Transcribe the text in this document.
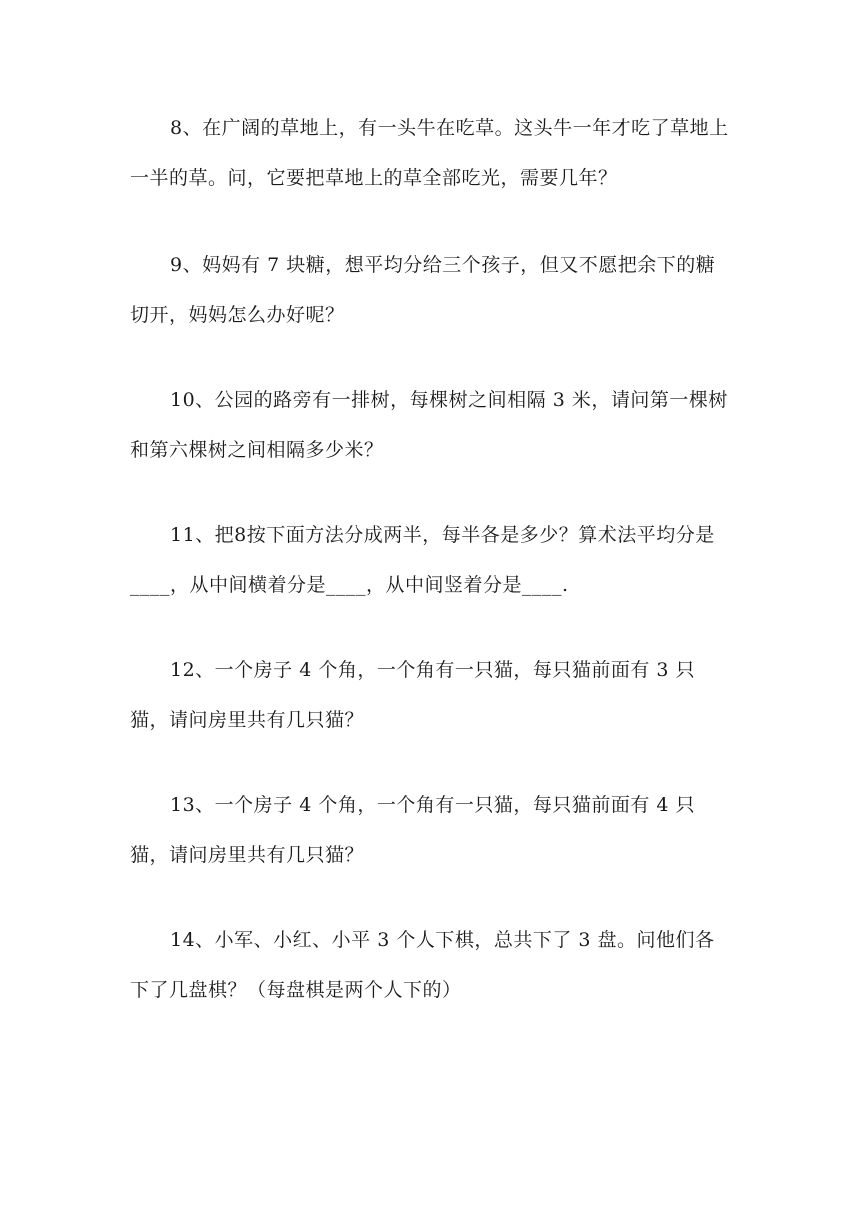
8、在广阔的草地上，有一头牛在吃草。这头牛一年才吃了草地上一半的草。问，它要把草地上的草全部吃光，需要几年？

9、妈妈有 7 块糖，想平均分给三个孩子，但又不愿把余下的糖切开，妈妈怎么办好呢？

10、公园的路旁有一排树，每棵树之间相隔 3 米，请问第一棵树和第六棵树之间相隔多少米？

11、把8按下面方法分成两半，每半各是多少？算术法平均分是____，从中间横着分是____，从中间竖着分是____.

12、一个房子 4 个角，一个角有一只猫，每只猫前面有 3 只猫，请问房里共有几只猫？

13、一个房子 4 个角，一个角有一只猫，每只猫前面有 4 只猫，请问房里共有几只猫？

14、小军、小红、小平 3 个人下棋，总共下了 3 盘。问他们各下了几盘棋？（每盘棋是两个人下的）
